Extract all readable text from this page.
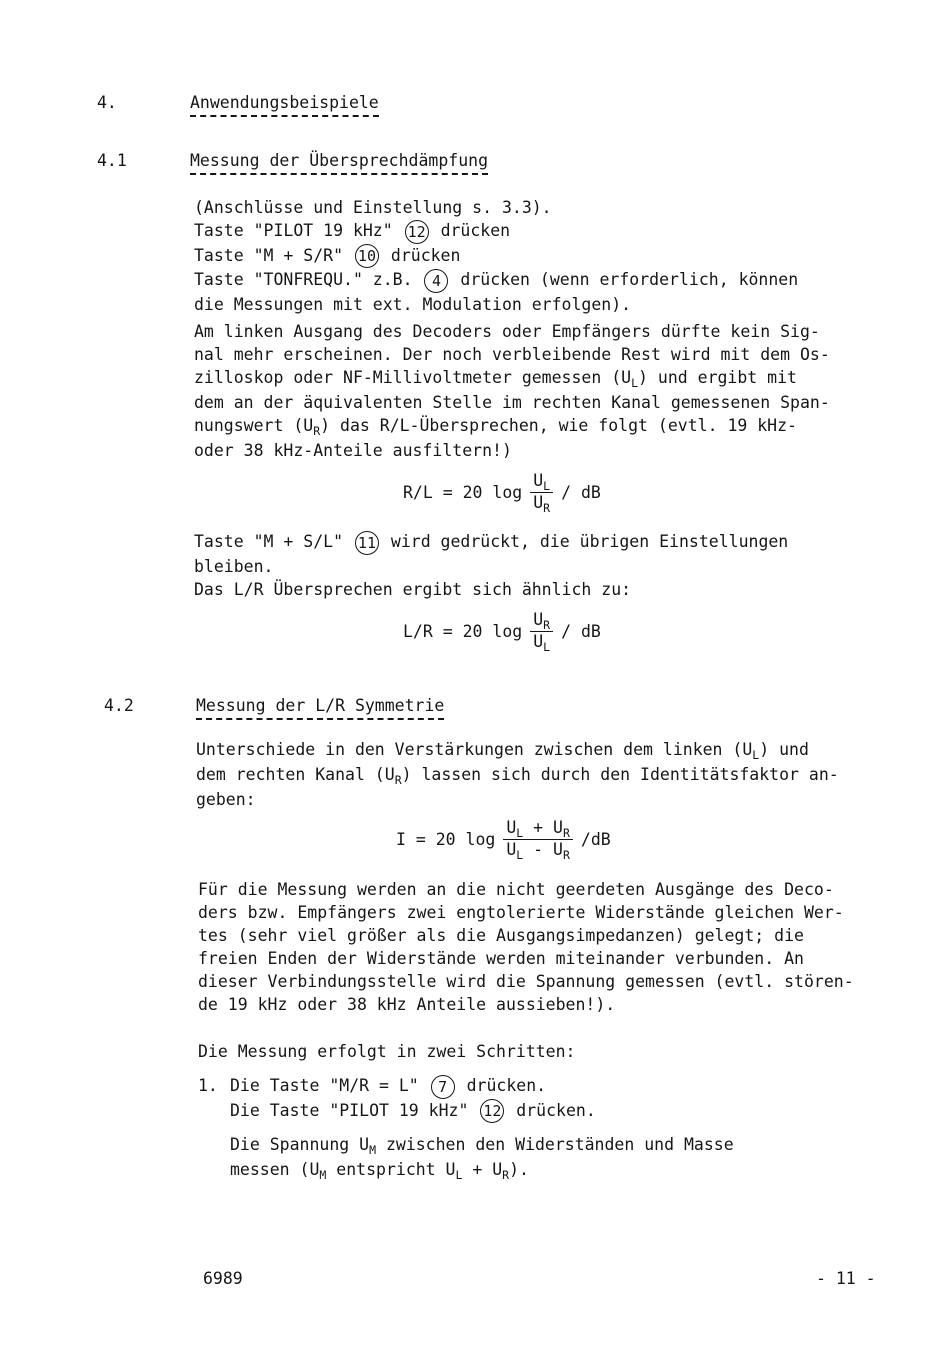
4.	Anwendungsbeispiele
4.1	Messung der Übersprechdämpfung

(Anschlüsse und Einstellung s. 3.3).

Taste "PILOT 19 kHz" 12 drücken

Taste "M + S/R" 10 drücken

Taste "TONFREQU." z.B. 4 drücken (wenn erforderlich, können

die Messungen mit ext. Modulation erfolgen).

Am linken Ausgang des Decoders oder Empfängers dürfte kein Sig-

nal mehr erscheinen. Der noch verbleibende Rest wird mit dem Os-

zilloskop oder NF-Millivoltmeter gemessen $(U_L)$ und ergibt mit

dem an der äquivalenten Stelle im rechten Kanal gemessenen Span-

nungswert $(U_R)$ das R/L-Übersprechen, wie folgt (evtl. 19 kHz-

oder 38 kHz-Anteile ausfiltern!)

R/L = 20 $\log \frac{U_L}{U_R}$ / dB

Taste "M + S/L" 11 wird gedrückt, die übrigen Einstellungen

bleiben.

Das L/R Übersprechen ergibt sich ähnlich zu:

L/R = 20 $\log \frac{U_R}{U_L}$ / dB
4.2	Messung der L/R Symmetrie

Unterschiede in den Verstärkungen zwischen dem linken $(U_L)$ und

dem rechten Kanal $(U_R)$ lassen sich durch den Identitätsfaktor an-

geben:

I = 20 $\log \frac{U_L + U_R}{U_L - U_R} /dB$

Für die Messung werden an die nicht geerdeten Ausgänge des Deco-

ders bzw. Empfängers zwei engtolerierte Widerstände gleichen Wer-

tes (sehr viel größer als die Ausgangsimpedanzen) gelegt; die

freien Enden der Widerstände werden miteinander verbunden. An

dieser Verbindungsstelle wird die Spannung gemessen (evtl. stören-

de 19 kHz oder 38 kHz Anteile aussieben!).

Die Messung erfolgt in zwei Schritten:
1. Die Taste "M/R = L" 7 drücken.
Die Taste "PILOT 19 kHz" 12 drücken.
Die Spannung $U_M$ zwischen den Widerständen und Masse
messen ($U_M$ entspricht $U_L + U_R$).
6989	- 11 -
